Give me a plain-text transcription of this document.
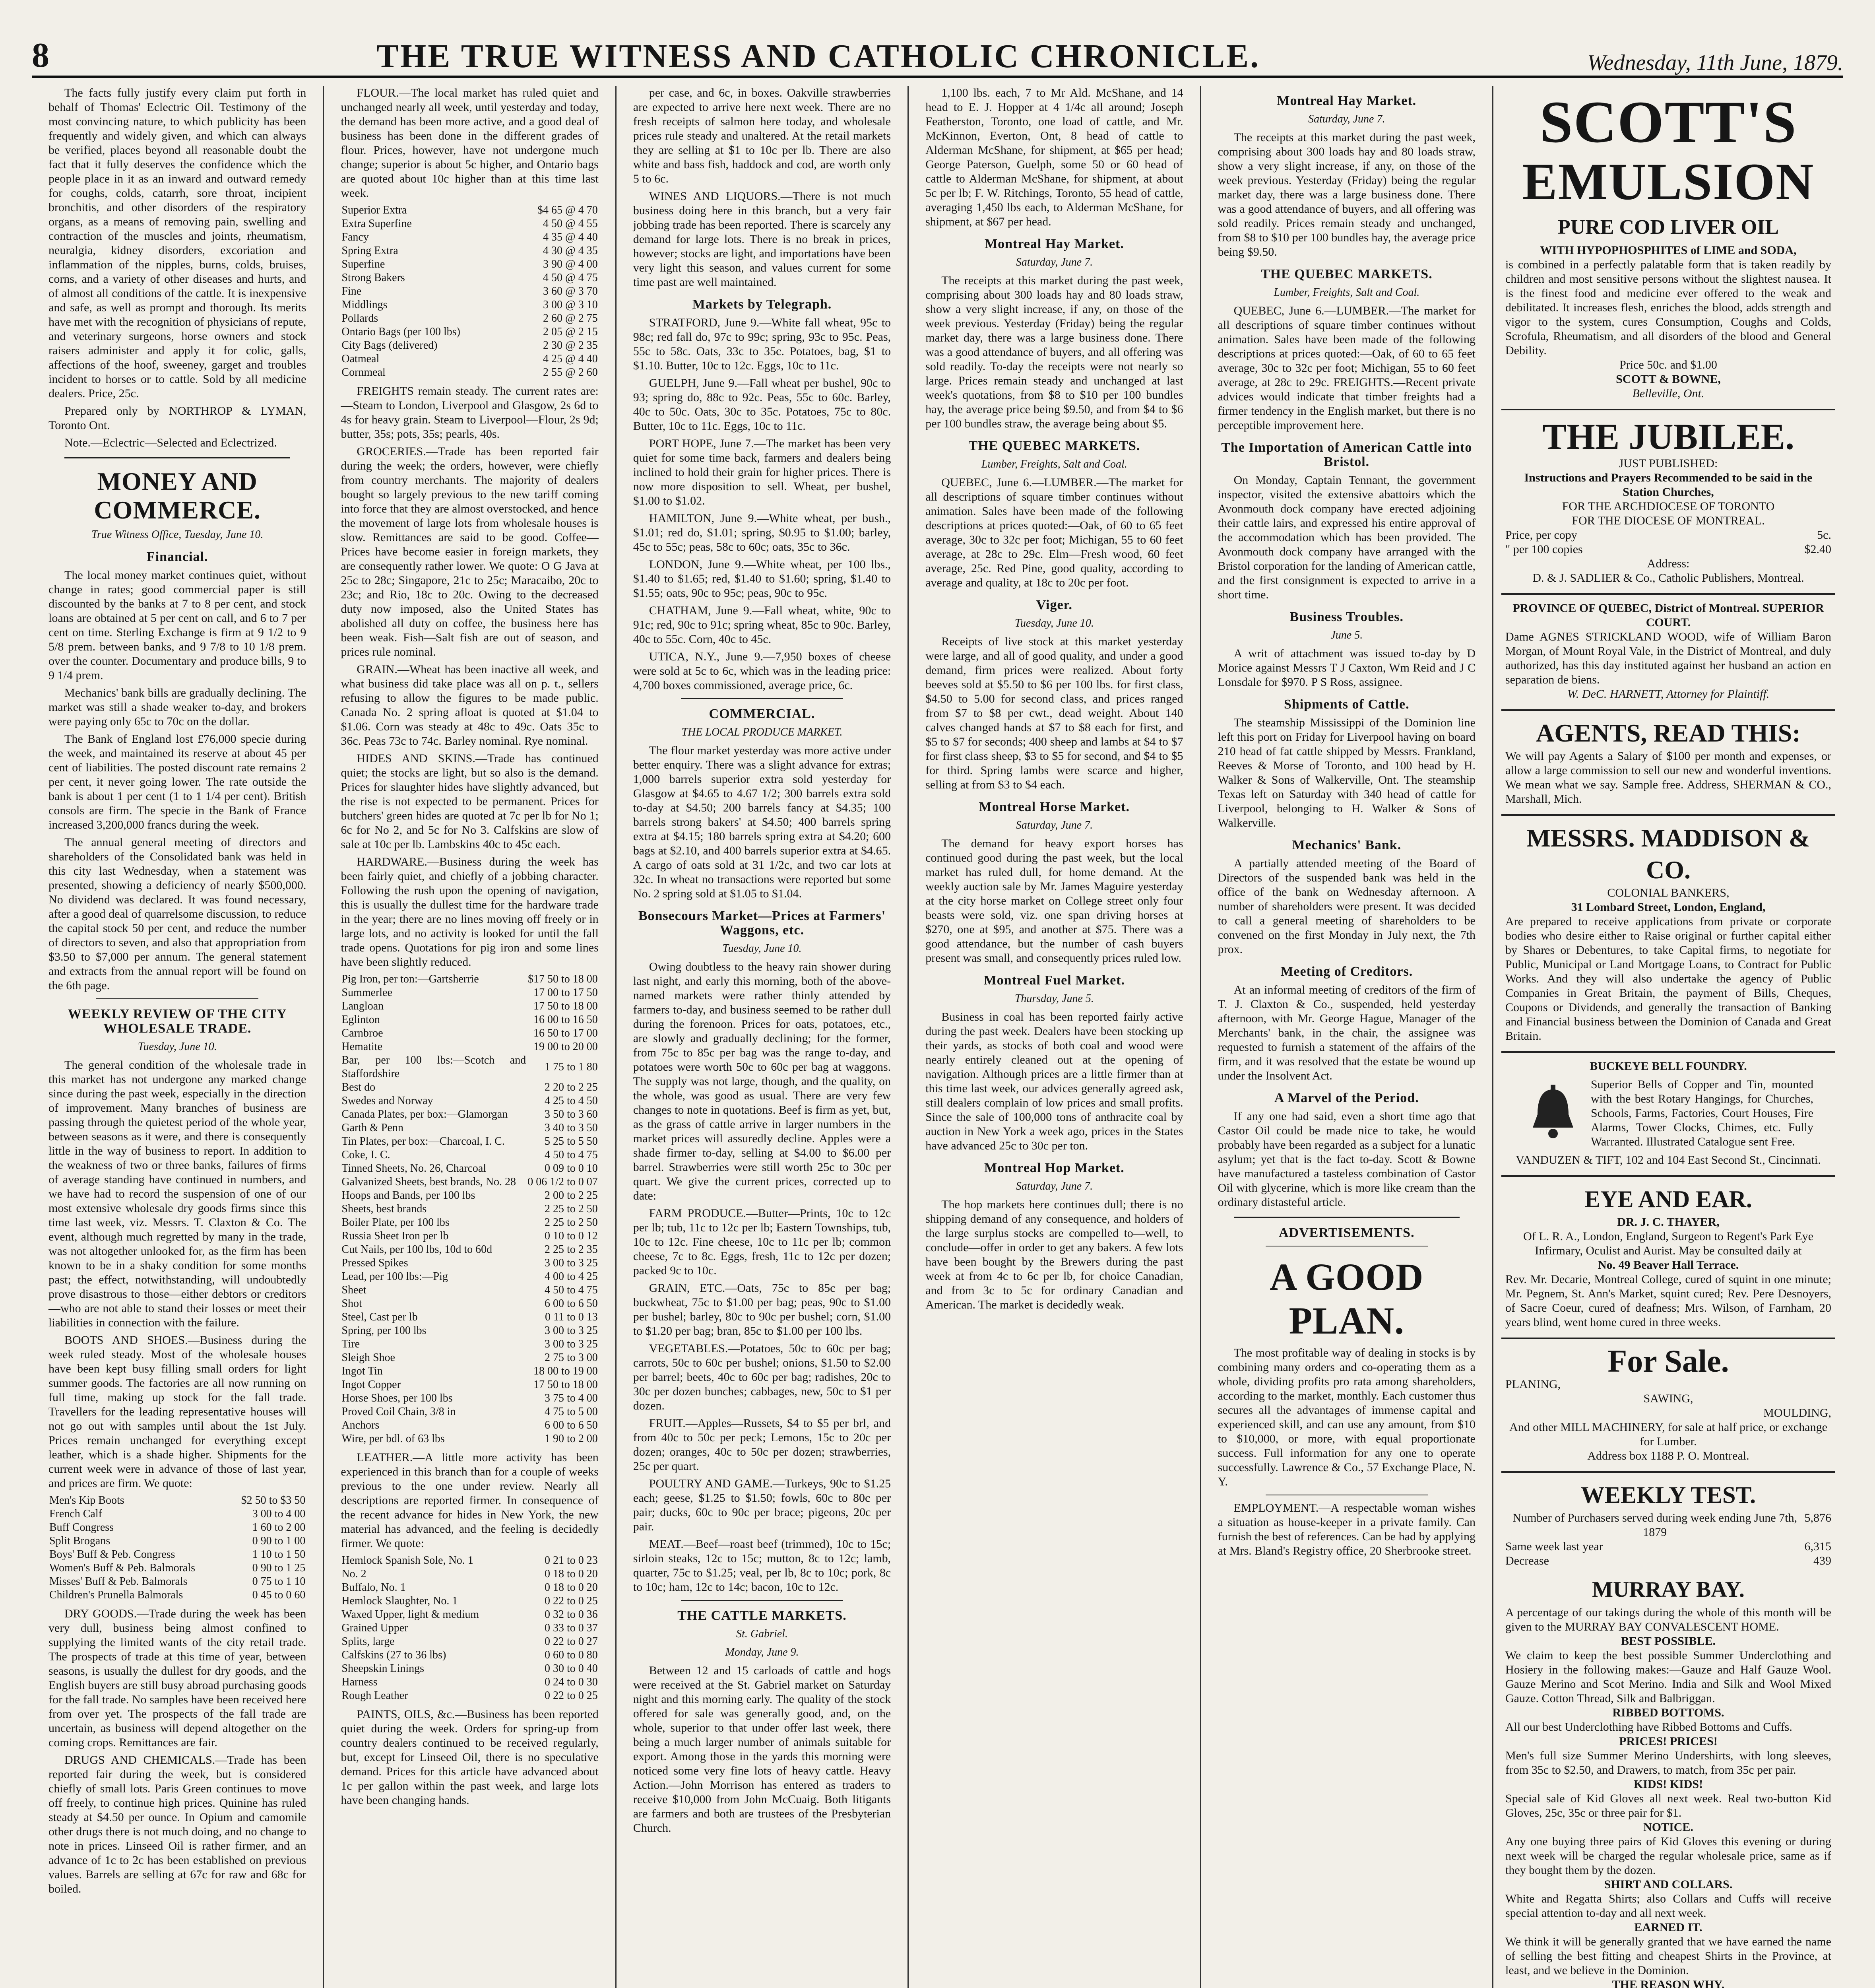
8	THE TRUE WITNESS AND CATHOLIC CHRONICLE.	Wednesday, 11th June, 1879.

The facts fully justify every claim put forth in behalf of Thomas' Eclectric Oil. Testimony of the most convincing nature, to which publicity has been frequently and widely given, and which can always be verified, places beyond all reasonable doubt the fact that it fully deserves the confidence which the people place in it as an inward and outward remedy for coughs, colds, catarrh, sore throat, incipient bronchitis, and other disorders of the respiratory organs, as a means of removing pain, swelling and contraction of the muscles and joints, rheumatism, neuralgia, kidney disorders, excoriation and inflammation of the nipples, burns, colds, bruises, corns, and a variety of other diseases and hurts, and of almost all conditions of the cattle. It is inexpensive and safe, as well as prompt and thorough. Its merits have met with the recognition of physicians of repute, and veterinary surgeons, horse owners and stock raisers administer and apply it for colic, galls, affections of the hoof, sweeney, garget and troubles incident to horses or to cattle. Sold by all medicine dealers. Price, 25c.

Prepared only by NORTHROP & LYMAN, Toronto Ont.

Note.—Eclectric—Selected and Eclectrized.

MONEY AND COMMERCE.
True Witness Office, Tuesday, June 10.
Financial.

The local money market continues quiet, without change in rates; good commercial paper is still discounted by the banks at 7 to 8 per cent, and stock loans are obtained at 5 per cent on call, and 6 to 7 per cent on time. Sterling Exchange is firm at 9 1/2 to 9 5/8 prem. between banks, and 9 7/8 to 10 1/8 prem. over the counter. Documentary and produce bills, 9 to 9 1/4 prem.

Mechanics' bank bills are gradually declining. The market was still a shade weaker to-day, and brokers were paying only 65c to 70c on the dollar.

The Bank of England lost £76,000 specie during the week, and maintained its reserve at about 45 per cent of liabilities. The posted discount rate remains 2 per cent, it never going lower. The rate outside the bank is about 1 per cent (1 to 1 1/4 per cent). British consols are firm. The specie in the Bank of France increased 3,200,000 francs during the week.

The annual general meeting of directors and shareholders of the Consolidated bank was held in this city last Wednesday, when a statement was presented, showing a deficiency of nearly $500,000. No dividend was declared. It was found necessary, after a good deal of quarrelsome discussion, to reduce the capital stock 50 per cent, and reduce the number of directors to seven, and also that appropriation from $3.50 to $7,000 per annum. The general statement and extracts from the annual report will be found on the 6th page.

WEEKLY REVIEW OF THE CITY WHOLESALE TRADE.
Tuesday, June 10.

The general condition of the wholesale trade in this market has not undergone any marked change since during the past week, especially in the direction of improvement. Many branches of business are passing through the quietest period of the whole year, between seasons as it were, and there is consequently little in the way of business to report. In addition to the weakness of two or three banks, failures of firms of average standing have continued in numbers, and we have had to record the suspension of one of our most extensive wholesale dry goods firms since this time last week, viz. Messrs. T. Claxton & Co. The event, although much regretted by many in the trade, was not altogether unlooked for, as the firm has been known to be in a shaky condition for some months past; the effect, notwithstanding, will undoubtedly prove disastrous to those—either debtors or creditors—who are not able to stand their losses or meet their liabilities in connection with the failure.

BOOTS AND SHOES.—Business during the week ruled steady. Most of the wholesale houses have been kept busy filling small orders for light summer goods. The factories are all now running on full time, making up stock for the fall trade. Travellers for the leading representative houses will not go out with samples until about the 1st July. Prices remain unchanged for everything except leather, which is a shade higher. Shipments for the current week were in advance of those of last year, and prices are firm. We quote:

Men's Kip Boots	$2 50 to $3 50
French Calf	3 00 to 4 00
Buff Congress	1 60 to 2 00
Split Brogans	0 90 to 1 00
Boys' Buff & Peb. Congress	1 10 to 1 50
Women's Buff & Peb. Balmorals	0 90 to 1 25
Misses' Buff & Peb. Balmorals	0 75 to 1 10
Children's Prunella Balmorals	0 45 to 0 60

DRY GOODS.—Trade during the week has been very dull, business being almost confined to supplying the limited wants of the city retail trade. The prospects of trade at this time of year, between seasons, is usually the dullest for dry goods, and the English buyers are still busy abroad purchasing goods for the fall trade. No samples have been received here from over yet. The prospects of the fall trade are uncertain, as business will depend altogether on the coming crops. Remittances are fair.

DRUGS AND CHEMICALS.—Trade has been reported fair during the week, but is considered chiefly of small lots. Paris Green continues to move off freely, to continue high prices. Quinine has ruled steady at $4.50 per ounce. In Opium and camomile other drugs there is not much doing, and no change to note in prices. Linseed Oil is rather firmer, and an advance of 1c to 2c has been established on previous values. Barrels are selling at 67c for raw and 68c for boiled.

FLOUR.—The local market has ruled quiet and unchanged nearly all week, until yesterday and today, the demand has been more active, and a good deal of business has been done in the different grades of flour. Prices, however, have not undergone much change; superior is about 5c higher, and Ontario bags are quoted about 10c higher than at this time last week.

Superior Extra	$4 65 @ 4 70
Extra Superfine	4 50 @ 4 55
Fancy	4 35 @ 4 40
Spring Extra	4 30 @ 4 35
Superfine	3 90 @ 4 00
Strong Bakers	4 50 @ 4 75
Fine	3 60 @ 3 70
Middlings	3 00 @ 3 10
Pollards	2 60 @ 2 75
Ontario Bags (per 100 lbs)	2 05 @ 2 15
City Bags (delivered)	2 30 @ 2 35
Oatmeal	4 25 @ 4 40
Cornmeal	2 55 @ 2 60

FREIGHTS remain steady. The current rates are:—Steam to London, Liverpool and Glasgow, 2s 6d to 4s for heavy grain. Steam to Liverpool—Flour, 2s 9d; butter, 35s; pots, 35s; pearls, 40s.

GROCERIES.—Trade has been reported fair during the week; the orders, however, were chiefly from country merchants. The majority of dealers bought so largely previous to the new tariff coming into force that they are almost overstocked, and hence the movement of large lots from wholesale houses is slow. Remittances are said to be good. Coffee—Prices have become easier in foreign markets, they are consequently rather lower. We quote: O G Java at 25c to 28c; Singapore, 21c to 25c; Maracaibo, 20c to 23c; and Rio, 18c to 20c. Owing to the decreased duty now imposed, also the United States has abolished all duty on coffee, the business here has been weak. Fish—Salt fish are out of season, and prices rule nominal.

GRAIN.—Wheat has been inactive all week, and what business did take place was all on p. t., sellers refusing to allow the figures to be made public. Canada No. 2 spring afloat is quoted at $1.04 to $1.06. Corn was steady at 48c to 49c. Oats 35c to 36c. Peas 73c to 74c. Barley nominal. Rye nominal.

HIDES AND SKINS.—Trade has continued quiet; the stocks are light, but so also is the demand. Prices for slaughter hides have slightly advanced, but the rise is not expected to be permanent. Prices for butchers' green hides are quoted at 7c per lb for No 1; 6c for No 2, and 5c for No 3. Calfskins are slow of sale at 10c per lb. Lambskins 40c to 45c each.

HARDWARE.—Business during the week has been fairly quiet, and chiefly of a jobbing character. Following the rush upon the opening of navigation, this is usually the dullest time for the hardware trade in the year; there are no lines moving off freely or in large lots, and no activity is looked for until the fall trade opens. Quotations for pig iron and some lines have been slightly reduced.

Pig Iron, per ton:—Gartsherrie	$17 50 to 18 00
Summerlee	17 00 to 17 50
Langloan	17 50 to 18 00
Eglinton	16 00 to 16 50
Carnbroe	16 50 to 17 00
Hematite	19 00 to 20 00
Bar, per 100 lbs:—Scotch and Staffordshire	1 75 to 1 80
Best do	2 20 to 2 25
Swedes and Norway	4 25 to 4 50
Canada Plates, per box:—Glamorgan	3 50 to 3 60
Garth & Penn	3 40 to 3 50
Tin Plates, per box:—Charcoal, I. C.	5 25 to 5 50
Coke, I. C.	4 50 to 4 75
Tinned Sheets, No. 26, Charcoal	0 09 to 0 10
Galvanized Sheets, best brands, No. 28	0 06 1/2 to 0 07
Hoops and Bands, per 100 lbs	2 00 to 2 25
Sheets, best brands	2 25 to 2 50
Boiler Plate, per 100 lbs	2 25 to 2 50
Russia Sheet Iron per lb	0 10 to 0 12
Cut Nails, per 100 lbs, 10d to 60d	2 25 to 2 35
Pressed Spikes	3 00 to 3 25
Lead, per 100 lbs:—Pig	4 00 to 4 25
Sheet	4 50 to 4 75
Shot	6 00 to 6 50
Steel, Cast per lb	0 11 to 0 13
Spring, per 100 lbs	3 00 to 3 25
Tire	3 00 to 3 25
Sleigh Shoe	2 75 to 3 00
Ingot Tin	18 00 to 19 00
Ingot Copper	17 50 to 18 00
Horse Shoes, per 100 lbs	3 75 to 4 00
Proved Coil Chain, 3/8 in	4 75 to 5 00
Anchors	6 00 to 6 50
Wire, per bdl. of 63 lbs	1 90 to 2 00

LEATHER.—A little more activity has been experienced in this branch than for a couple of weeks previous to the one under review. Nearly all descriptions are reported firmer. In consequence of the recent advance for hides in New York, the new material has advanced, and the feeling is decidedly firmer. We quote:

Hemlock Spanish Sole, No. 1	0 21 to 0 23
No. 2	0 18 to 0 20
Buffalo, No. 1	0 18 to 0 20
Hemlock Slaughter, No. 1	0 22 to 0 25
Waxed Upper, light & medium	0 32 to 0 36
Grained Upper	0 33 to 0 37
Splits, large	0 22 to 0 27
Calfskins (27 to 36 lbs)	0 60 to 0 80
Sheepskin Linings	0 30 to 0 40
Harness	0 24 to 0 30
Rough Leather	0 22 to 0 25

PAINTS, OILS, &c.—Business has been reported quiet during the week. Orders for spring-up from country dealers continued to be received regularly, but, except for Linseed Oil, there is no speculative demand. Prices for this article have advanced about 1c per gallon within the past week, and large lots have been changing hands.

per case, and 6c, in boxes. Oakville strawberries are expected to arrive here next week. There are no fresh receipts of salmon here today, and wholesale prices rule steady and unaltered. At the retail markets they are selling at $1 to 10c per lb. There are also white and bass fish, haddock and cod, are worth only 5 to 6c.

WINES AND LIQUORS.—There is not much business doing here in this branch, but a very fair jobbing trade has been reported. There is scarcely any demand for large lots. There is no break in prices, however; stocks are light, and importations have been very light this season, and values current for some time past are well maintained.

Markets by Telegraph.

STRATFORD, June 9.—White fall wheat, 95c to 98c; red fall do, 97c to 99c; spring, 93c to 95c. Peas, 55c to 58c. Oats, 33c to 35c. Potatoes, bag, $1 to $1.10. Butter, 10c to 12c. Eggs, 10c to 11c.

GUELPH, June 9.—Fall wheat per bushel, 90c to 93; spring do, 88c to 92c. Peas, 55c to 60c. Barley, 40c to 50c. Oats, 30c to 35c. Potatoes, 75c to 80c. Butter, 10c to 11c. Eggs, 10c to 11c.

PORT HOPE, June 7.—The market has been very quiet for some time back, farmers and dealers being inclined to hold their grain for higher prices. There is now more disposition to sell. Wheat, per bushel, $1.00 to $1.02.

HAMILTON, June 9.—White wheat, per bush., $1.01; red do, $1.01; spring, $0.95 to $1.00; barley, 45c to 55c; peas, 58c to 60c; oats, 35c to 36c.

LONDON, June 9.—White wheat, per 100 lbs., $1.40 to $1.65; red, $1.40 to $1.60; spring, $1.40 to $1.55; oats, 90c to 95c; peas, 90c to 95c.

CHATHAM, June 9.—Fall wheat, white, 90c to 91c; red, 90c to 91c; spring wheat, 85c to 90c. Barley, 40c to 55c. Corn, 40c to 45c.

UTICA, N.Y., June 9.—7,950 boxes of cheese were sold at 5c to 6c, which was in the leading price: 4,700 boxes commissioned, average price, 6c.

COMMERCIAL.
THE LOCAL PRODUCE MARKET.

The flour market yesterday was more active under better enquiry. There was a slight advance for extras; 1,000 barrels superior extra sold yesterday for Glasgow at $4.65 to 4.67 1/2; 300 barrels extra sold to-day at $4.50; 200 barrels fancy at $4.35; 100 barrels strong bakers' at $4.50; 400 barrels spring extra at $4.15; 180 barrels spring extra at $4.20; 600 bags at $2.10, and 400 barrels superior extra at $4.65. A cargo of oats sold at 31 1/2c, and two car lots at 32c. In wheat no transactions were reported but some No. 2 spring sold at $1.05 to $1.04.

Bonsecours Market—Prices at Farmers' Waggons, etc.
Tuesday, June 10.

Owing doubtless to the heavy rain shower during last night, and early this morning, both of the above-named markets were rather thinly attended by farmers to-day, and business seemed to be rather dull during the forenoon. Prices for oats, potatoes, etc., are slowly and gradually declining; for the former, from 75c to 85c per bag was the range to-day, and potatoes were worth 50c to 60c per bag at waggons. The supply was not large, though, and the quality, on the whole, was good as usual. There are very few changes to note in quotations. Beef is firm as yet, but, as the grass of cattle arrive in larger numbers in the market prices will assuredly decline. Apples were a shade firmer to-day, selling at $4.00 to $6.00 per barrel. Strawberries were still worth 25c to 30c per quart. We give the current prices, corrected up to date:

FARM PRODUCE.—Butter—Prints, 10c to 12c per lb; tub, 11c to 12c per lb; Eastern Townships, tub, 10c to 12c. Fine cheese, 10c to 11c per lb; common cheese, 7c to 8c. Eggs, fresh, 11c to 12c per dozen; packed 9c to 10c.

GRAIN, ETC.—Oats, 75c to 85c per bag; buckwheat, 75c to $1.00 per bag; peas, 90c to $1.00 per bushel; barley, 80c to 90c per bushel; corn, $1.00 to $1.20 per bag; bran, 85c to $1.00 per 100 lbs.

VEGETABLES.—Potatoes, 50c to 60c per bag; carrots, 50c to 60c per bushel; onions, $1.50 to $2.00 per barrel; beets, 40c to 60c per bag; radishes, 20c to 30c per dozen bunches; cabbages, new, 50c to $1 per dozen.

FRUIT.—Apples—Russets, $4 to $5 per brl, and from 40c to 50c per peck; Lemons, 15c to 20c per dozen; oranges, 40c to 50c per dozen; strawberries, 25c per quart.

POULTRY AND GAME.—Turkeys, 90c to $1.25 each; geese, $1.25 to $1.50; fowls, 60c to 80c per pair; ducks, 60c to 90c per brace; pigeons, 20c per pair.

MEAT.—Beef—roast beef (trimmed), 10c to 15c; sirloin steaks, 12c to 15c; mutton, 8c to 12c; lamb, quarter, 75c to $1.25; veal, per lb, 8c to 10c; pork, 8c to 10c; ham, 12c to 14c; bacon, 10c to 12c.

THE CATTLE MARKETS.
St. Gabriel.
Monday, June 9.

Between 12 and 15 carloads of cattle and hogs were received at the St. Gabriel market on Saturday night and this morning early. The quality of the stock offered for sale was generally good, and, on the whole, superior to that under offer last week, there being a much larger number of animals suitable for export. Among those in the yards this morning were noticed some very fine lots of heavy cattle. Heavy Action.—John Morrison has entered as traders to receive $10,000 from John McCuaig. Both litigants are farmers and both are trustees of the Presbyterian Church.

1,100 lbs. each, 7 to Mr Ald. McShane, and 14 head to E. J. Hopper at 4 1/4c all around; Joseph Featherston, Toronto, one load of cattle, and Mr. McKinnon, Everton, Ont, 8 head of cattle to Alderman McShane, for shipment, at $65 per head; George Paterson, Guelph, some 50 or 60 head of cattle to Alderman McShane, for shipment, at about 5c per lb; F. W. Ritchings, Toronto, 55 head of cattle, averaging 1,450 lbs each, to Alderman McShane, for shipment, at $67 per head.

Montreal Hay Market.
Saturday, June 7.

The receipts at this market during the past week, comprising about 300 loads hay and 80 loads straw, show a very slight increase, if any, on those of the week previous. Yesterday (Friday) being the regular market day, there was a large business done. There was a good attendance of buyers, and all offering was sold readily. To-day the receipts were not nearly so large. Prices remain steady and unchanged at last week's quotations, from $8 to $10 per 100 bundles hay, the average price being $9.50, and from $4 to $6 per 100 bundles straw, the average being about $5.

THE QUEBEC MARKETS.
Lumber, Freights, Salt and Coal.

QUEBEC, June 6.—LUMBER.—The market for all descriptions of square timber continues without animation. Sales have been made of the following descriptions at prices quoted:—Oak, of 60 to 65 feet average, 30c to 32c per foot; Michigan, 55 to 60 feet average, at 28c to 29c. Elm—Fresh wood, 60 feet average, 25c. Red Pine, good quality, according to average and quality, at 18c to 20c per foot.

Viger.
Tuesday, June 10.

Receipts of live stock at this market yesterday were large, and all of good quality, and under a good demand, firm prices were realized. About forty beeves sold at $5.50 to $6 per 100 lbs. for first class, $4.50 to 5.00 for second class, and prices ranged from $7 to $8 per cwt., dead weight. About 140 calves changed hands at $7 to $8 each for first, and $5 to $7 for seconds; 400 sheep and lambs at $4 to $7 for first class sheep, $3 to $5 for second, and $4 to $5 for third. Spring lambs were scarce and higher, selling at from $3 to $4 each.

Montreal Horse Market.
Saturday, June 7.

The demand for heavy export horses has continued good during the past week, but the local market has ruled dull, for home demand. At the weekly auction sale by Mr. James Maguire yesterday at the city horse market on College street only four beasts were sold, viz. one span driving horses at $270, one at $95, and another at $75. There was a good attendance, but the number of cash buyers present was small, and consequently prices ruled low.

Montreal Fuel Market.
Thursday, June 5.

Business in coal has been reported fairly active during the past week. Dealers have been stocking up their yards, as stocks of both coal and wood were nearly entirely cleaned out at the opening of navigation. Although prices are a little firmer than at this time last week, our advices generally agreed ask, still dealers complain of low prices and small profits. Since the sale of 100,000 tons of anthracite coal by auction in New York a week ago, prices in the States have advanced 25c to 30c per ton.

Montreal Hop Market.
Saturday, June 7.

The hop markets here continues dull; there is no shipping demand of any consequence, and holders of the large surplus stocks are compelled to—well, to conclude—offer in order to get any bakers. A few lots have been bought by the Brewers during the past week at from 4c to 6c per lb, for choice Canadian, and from 3c to 5c for ordinary Canadian and American. The market is decidedly weak.

Montreal Hay Market.
Saturday, June 7.

The receipts at this market during the past week, comprising about 300 loads hay and 80 loads straw, show a very slight increase, if any, on those of the week previous. Yesterday (Friday) being the regular market day, there was a large business done. There was a good attendance of buyers, and all offering was sold readily. Prices remain steady and unchanged, from $8 to $10 per 100 bundles hay, the average price being $9.50.

THE QUEBEC MARKETS.
Lumber, Freights, Salt and Coal.

QUEBEC, June 6.—LUMBER.—The market for all descriptions of square timber continues without animation. Sales have been made of the following descriptions at prices quoted:—Oak, of 60 to 65 feet average, 30c to 32c per foot; Michigan, 55 to 60 feet average, at 28c to 29c. FREIGHTS.—Recent private advices would indicate that timber freights had a firmer tendency in the English market, but there is no perceptible improvement here.

The Importation of American Cattle into Bristol.

On Monday, Captain Tennant, the government inspector, visited the extensive abattoirs which the Avonmouth dock company have erected adjoining their cattle lairs, and expressed his entire approval of the accommodation which has been provided. The Avonmouth dock company have arranged with the Bristol corporation for the landing of American cattle, and the first consignment is expected to arrive in a short time.

Business Troubles.
June 5.

A writ of attachment was issued to-day by D Morice against Messrs T J Caxton, Wm Reid and J C Lonsdale for $970. P S Ross, assignee.

Shipments of Cattle.

The steamship Mississippi of the Dominion line left this port on Friday for Liverpool having on board 210 head of fat cattle shipped by Messrs. Frankland, Reeves & Morse of Toronto, and 100 head by H. Walker & Sons of Walkerville, Ont. The steamship Texas left on Saturday with 340 head of cattle for Liverpool, belonging to H. Walker & Sons of Walkerville.

Mechanics' Bank.

A partially attended meeting of the Board of Directors of the suspended bank was held in the office of the bank on Wednesday afternoon. A number of shareholders were present. It was decided to call a general meeting of shareholders to be convened on the first Monday in July next, the 7th prox.

Meeting of Creditors.

At an informal meeting of creditors of the firm of T. J. Claxton & Co., suspended, held yesterday afternoon, with Mr. George Hague, Manager of the Merchants' bank, in the chair, the assignee was requested to furnish a statement of the affairs of the firm, and it was resolved that the estate be wound up under the Insolvent Act.

A Marvel of the Period.

If any one had said, even a short time ago that Castor Oil could be made nice to take, he would probably have been regarded as a subject for a lunatic asylum; yet that is the fact to-day. Scott & Bowne have manufactured a tasteless combination of Castor Oil with glycerine, which is more like cream than the ordinary distasteful article.

ADVERTISEMENTS.
A GOOD PLAN.

The most profitable way of dealing in stocks is by combining many orders and co-operating them as a whole, dividing profits pro rata among shareholders, according to the market, monthly. Each customer thus secures all the advantages of immense capital and experienced skill, and can use any amount, from $10 to $10,000, or more, with equal proportionate success. Full information for any one to operate successfully. Lawrence & Co., 57 Exchange Place, N. Y.

EMPLOYMENT.—A respectable woman wishes a situation as house-keeper in a private family. Can furnish the best of references. Can be had by applying at Mrs. Bland's Registry office, 20 Sherbrooke street.

SCOTT'S
EMULSION
PURE COD LIVER OIL
WITH HYPOPHOSPHITES of LIME and SODA,
is combined in a perfectly palatable form that is taken readily by children and most sensitive persons without the slightest nausea. It is the finest food and medicine ever offered to the weak and debilitated. It increases flesh, enriches the blood, adds strength and vigor to the system, cures Consumption, Coughs and Colds, Scrofula, Rheumatism, and all disorders of the blood and General Debility.
Price 50c. and $1.00
SCOTT & BOWNE,
Belleville, Ont.
THE JUBILEE.
JUST PUBLISHED:
Instructions and Prayers Recommended to be said in the Station Churches,
FOR THE ARCHDIOCESE OF TORONTO
FOR THE DIOCESE OF MONTREAL.
Price, per copy	5c.
" per 100 copies	$2.40
Address:
D. & J. SADLIER & Co., Catholic Publishers, Montreal.
PROVINCE OF QUEBEC, District of Montreal. SUPERIOR COURT.
Dame AGNES STRICKLAND WOOD, wife of William Baron Morgan, of Mount Royal Vale, in the District of Montreal, and duly authorized, has this day instituted against her husband an action en separation de biens.
W. DeC. HARNETT, Attorney for Plaintiff.
AGENTS, READ THIS:
We will pay Agents a Salary of $100 per month and expenses, or allow a large commission to sell our new and wonderful inventions. We mean what we say. Sample free. Address, SHERMAN & CO., Marshall, Mich.
MESSRS. MADDISON & CO.
COLONIAL BANKERS,
31 Lombard Street, London, England,
Are prepared to receive applications from private or corporate bodies who desire either to Raise original or further capital either by Shares or Debentures, to take Capital firms, to negotiate for Public, Municipal or Land Mortgage Loans, to Contract for Public Works. And they will also undertake the agency of Public Companies in Great Britain, the payment of Bills, Cheques, Coupons or Dividends, and generally the transaction of Banking and Financial business between the Dominion of Canada and Great Britain.
BUCKEYE BELL FOUNDRY.
Superior Bells of Copper and Tin, mounted with the best Rotary Hangings, for Churches, Schools, Farms, Factories, Court Houses, Fire Alarms, Tower Clocks, Chimes, etc. Fully Warranted. Illustrated Catalogue sent Free.
VANDUZEN & TIFT, 102 and 104 East Second St., Cincinnati.
EYE AND EAR.
DR. J. C. THAYER,
Of L. R. A., London, England, Surgeon to Regent's Park Eye Infirmary, Oculist and Aurist. May be consulted daily at
No. 49 Beaver Hall Terrace.
Rev. Mr. Decarie, Montreal College, cured of squint in one minute; Mr. Pegnem, St. Ann's Market, squint cured; Rev. Pere Desnoyers, of Sacre Coeur, cured of deafness; Mrs. Wilson, of Farnham, 20 years blind, went home cured in three weeks.
For Sale.
PLANING,
SAWING,
MOULDING,
And other MILL MACHINERY, for sale at half price, or exchange for Lumber.
Address box 1188 P. O. Montreal.
WEEKLY TEST.
Number of Purchasers served during week ending June 7th, 1879
5,876
Same week last year	6,315
Decrease	439
MURRAY BAY.
A percentage of our takings during the whole of this month will be given to the MURRAY BAY CONVALESCENT HOME.
BEST POSSIBLE.
We claim to keep the best possible Summer Underclothing and Hosiery in the following makes:—Gauze and Half Gauze Wool. Gauze Merino and Scot Merino. India and Silk and Wool Mixed Gauze. Cotton Thread, Silk and Balbriggan.
RIBBED BOTTOMS.
All our best Underclothing have Ribbed Bottoms and Cuffs.
PRICES! PRICES!
Men's full size Summer Merino Undershirts, with long sleeves, from 35c to $2.50, and Drawers, to match, from 35c per pair.
KIDS! KIDS!
Special sale of Kid Gloves all next week. Real two-button Kid Gloves, 25c, 35c or three pair for $1.
NOTICE.
Any one buying three pairs of Kid Gloves this evening or during next week will be charged the regular wholesale price, same as if they bought them by the dozen.
SHIRT AND COLLARS.
White and Regatta Shirts; also Collars and Cuffs will receive special attention to-day and all next week.
EARNED IT.
We think it will be generally granted that we have earned the name of selling the best fitting and cheapest Shirts in the Province, at least, and we believe in the Dominion.
THE REASON WHY.
